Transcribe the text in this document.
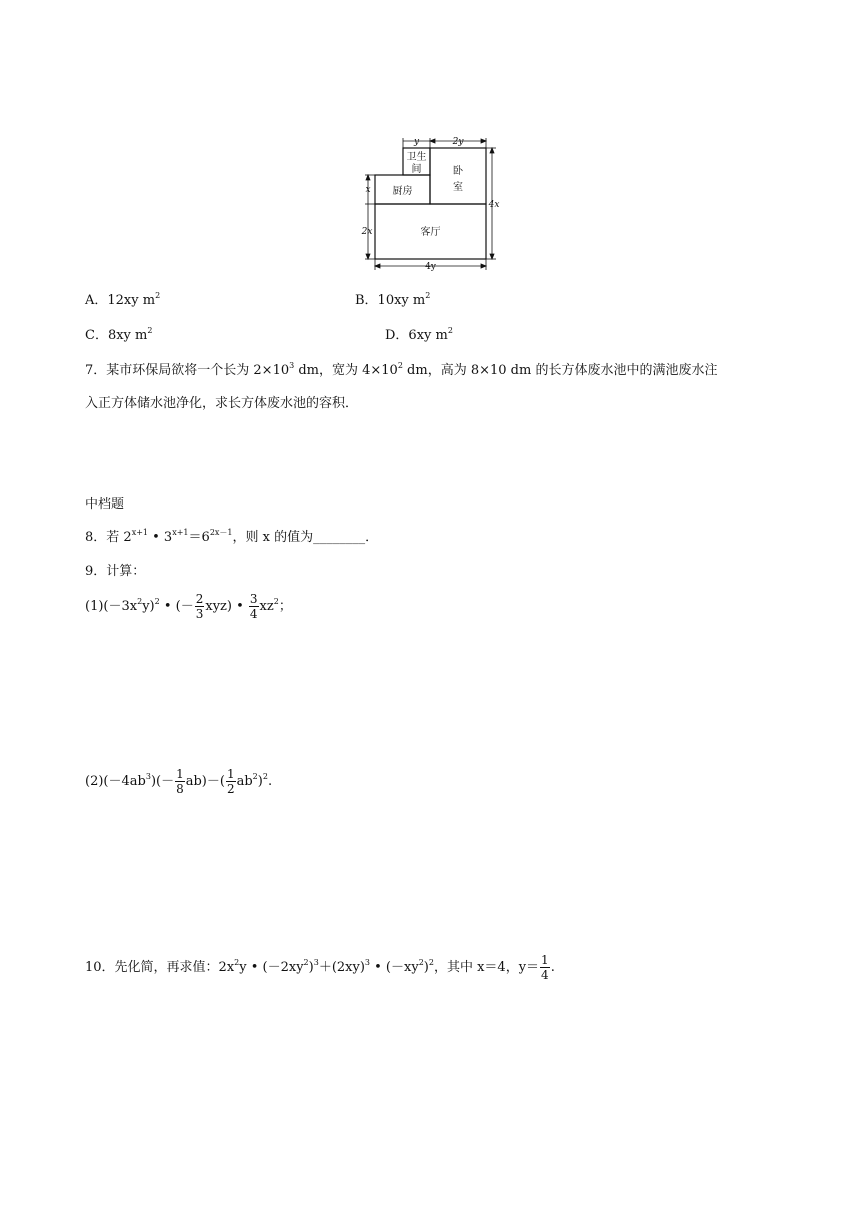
卫生
间	卧
室
厨房
客厅
y	2y
x
2x
4x
4y
A．12xy $m^2$	B．10xy $m^2$
C．8xy $m^2$	D．6xy $m^2$
7．某市环保局欲将一个长为 $2\times 10^3$ dm，宽为 $4\times 10^2$ dm，高为 8×10 dm 的长方体废水池中的满池废水注
入正方体储水池净化，求长方体废水池的容积．
中档题
8．若 $2^{x+1}$ • $3^{x+1}=6^{2x-1}$，则 x 的值为________．
9．计算：
$(1)(-3x^2y)^2$ • (－ $\frac{2}{3} xyz$) • $\frac{3}{4} xz^2$；
$(2)(-4ab^3)(- \frac{1}{8} ab)-( \frac{1}{2} ab^2)^2$.
10．先化简，再求值：$2x^2y$ • $(-2xy^2)^3+(2xy)^3$ • $(-xy^2)^2$，其中 x＝4，$y= \frac{1}{4}$ .
